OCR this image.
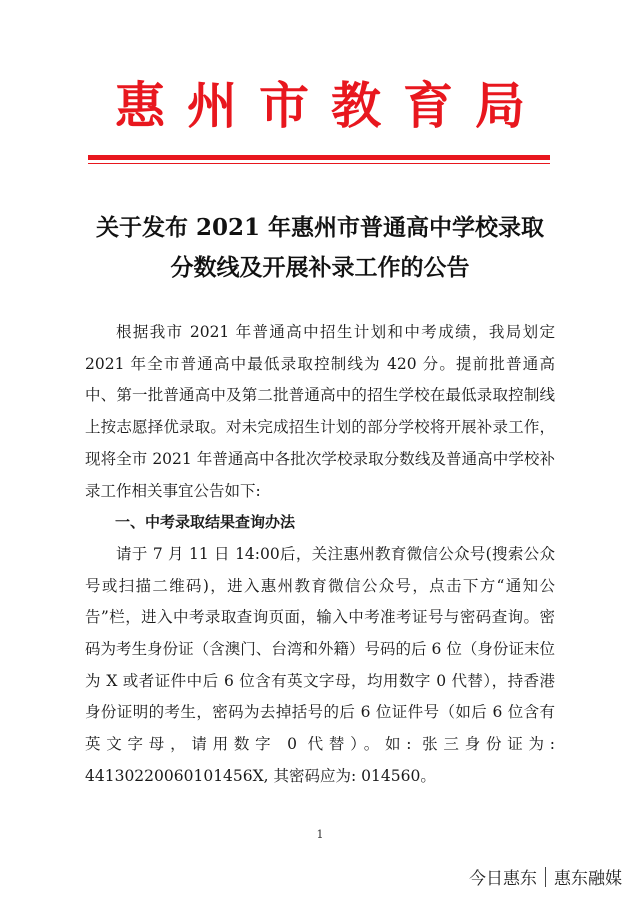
惠州市教育局
关于发布 2021 年惠州市普通高中学校录取
分数线及开展补录工作的公告

根据我市 2021 年普通高中招生计划和中考成绩，我局划定 2021 年全市普通高中最低录取控制线为 420 分。提前批普通高中、第一批普通高中及第二批普通高中的招生学校在最低录取控制线上按志愿择优录取。对未完成招生计划的部分学校将开展补录工作，现将全市 2021 年普通高中各批次学校录取分数线及普通高中学校补录工作相关事宜公告如下:

一、中考录取结果查询办法

请于 7 月 11 日 14:00后，关注惠州教育微信公众号(搜索公众号或扫描二维码)，进入惠州教育微信公众号，点击下方“通知公告”栏，进入中考录取查询页面，输入中考准考证号与密码查询。密码为考生身份证（含澳门、台湾和外籍）号码的后 6 位（身份证末位为 X 或者证件中后 6 位含有英文字母，均用数字 0 代替），持香港身份证明的考生，密码为去掉括号的后 6 位证件号（如后 6 位含有英文字母，请用数字 0 代替）。如: 张三身份证为: 44130220060101456X, 其密码应为: 014560。

1
今日惠东 惠东融媒
